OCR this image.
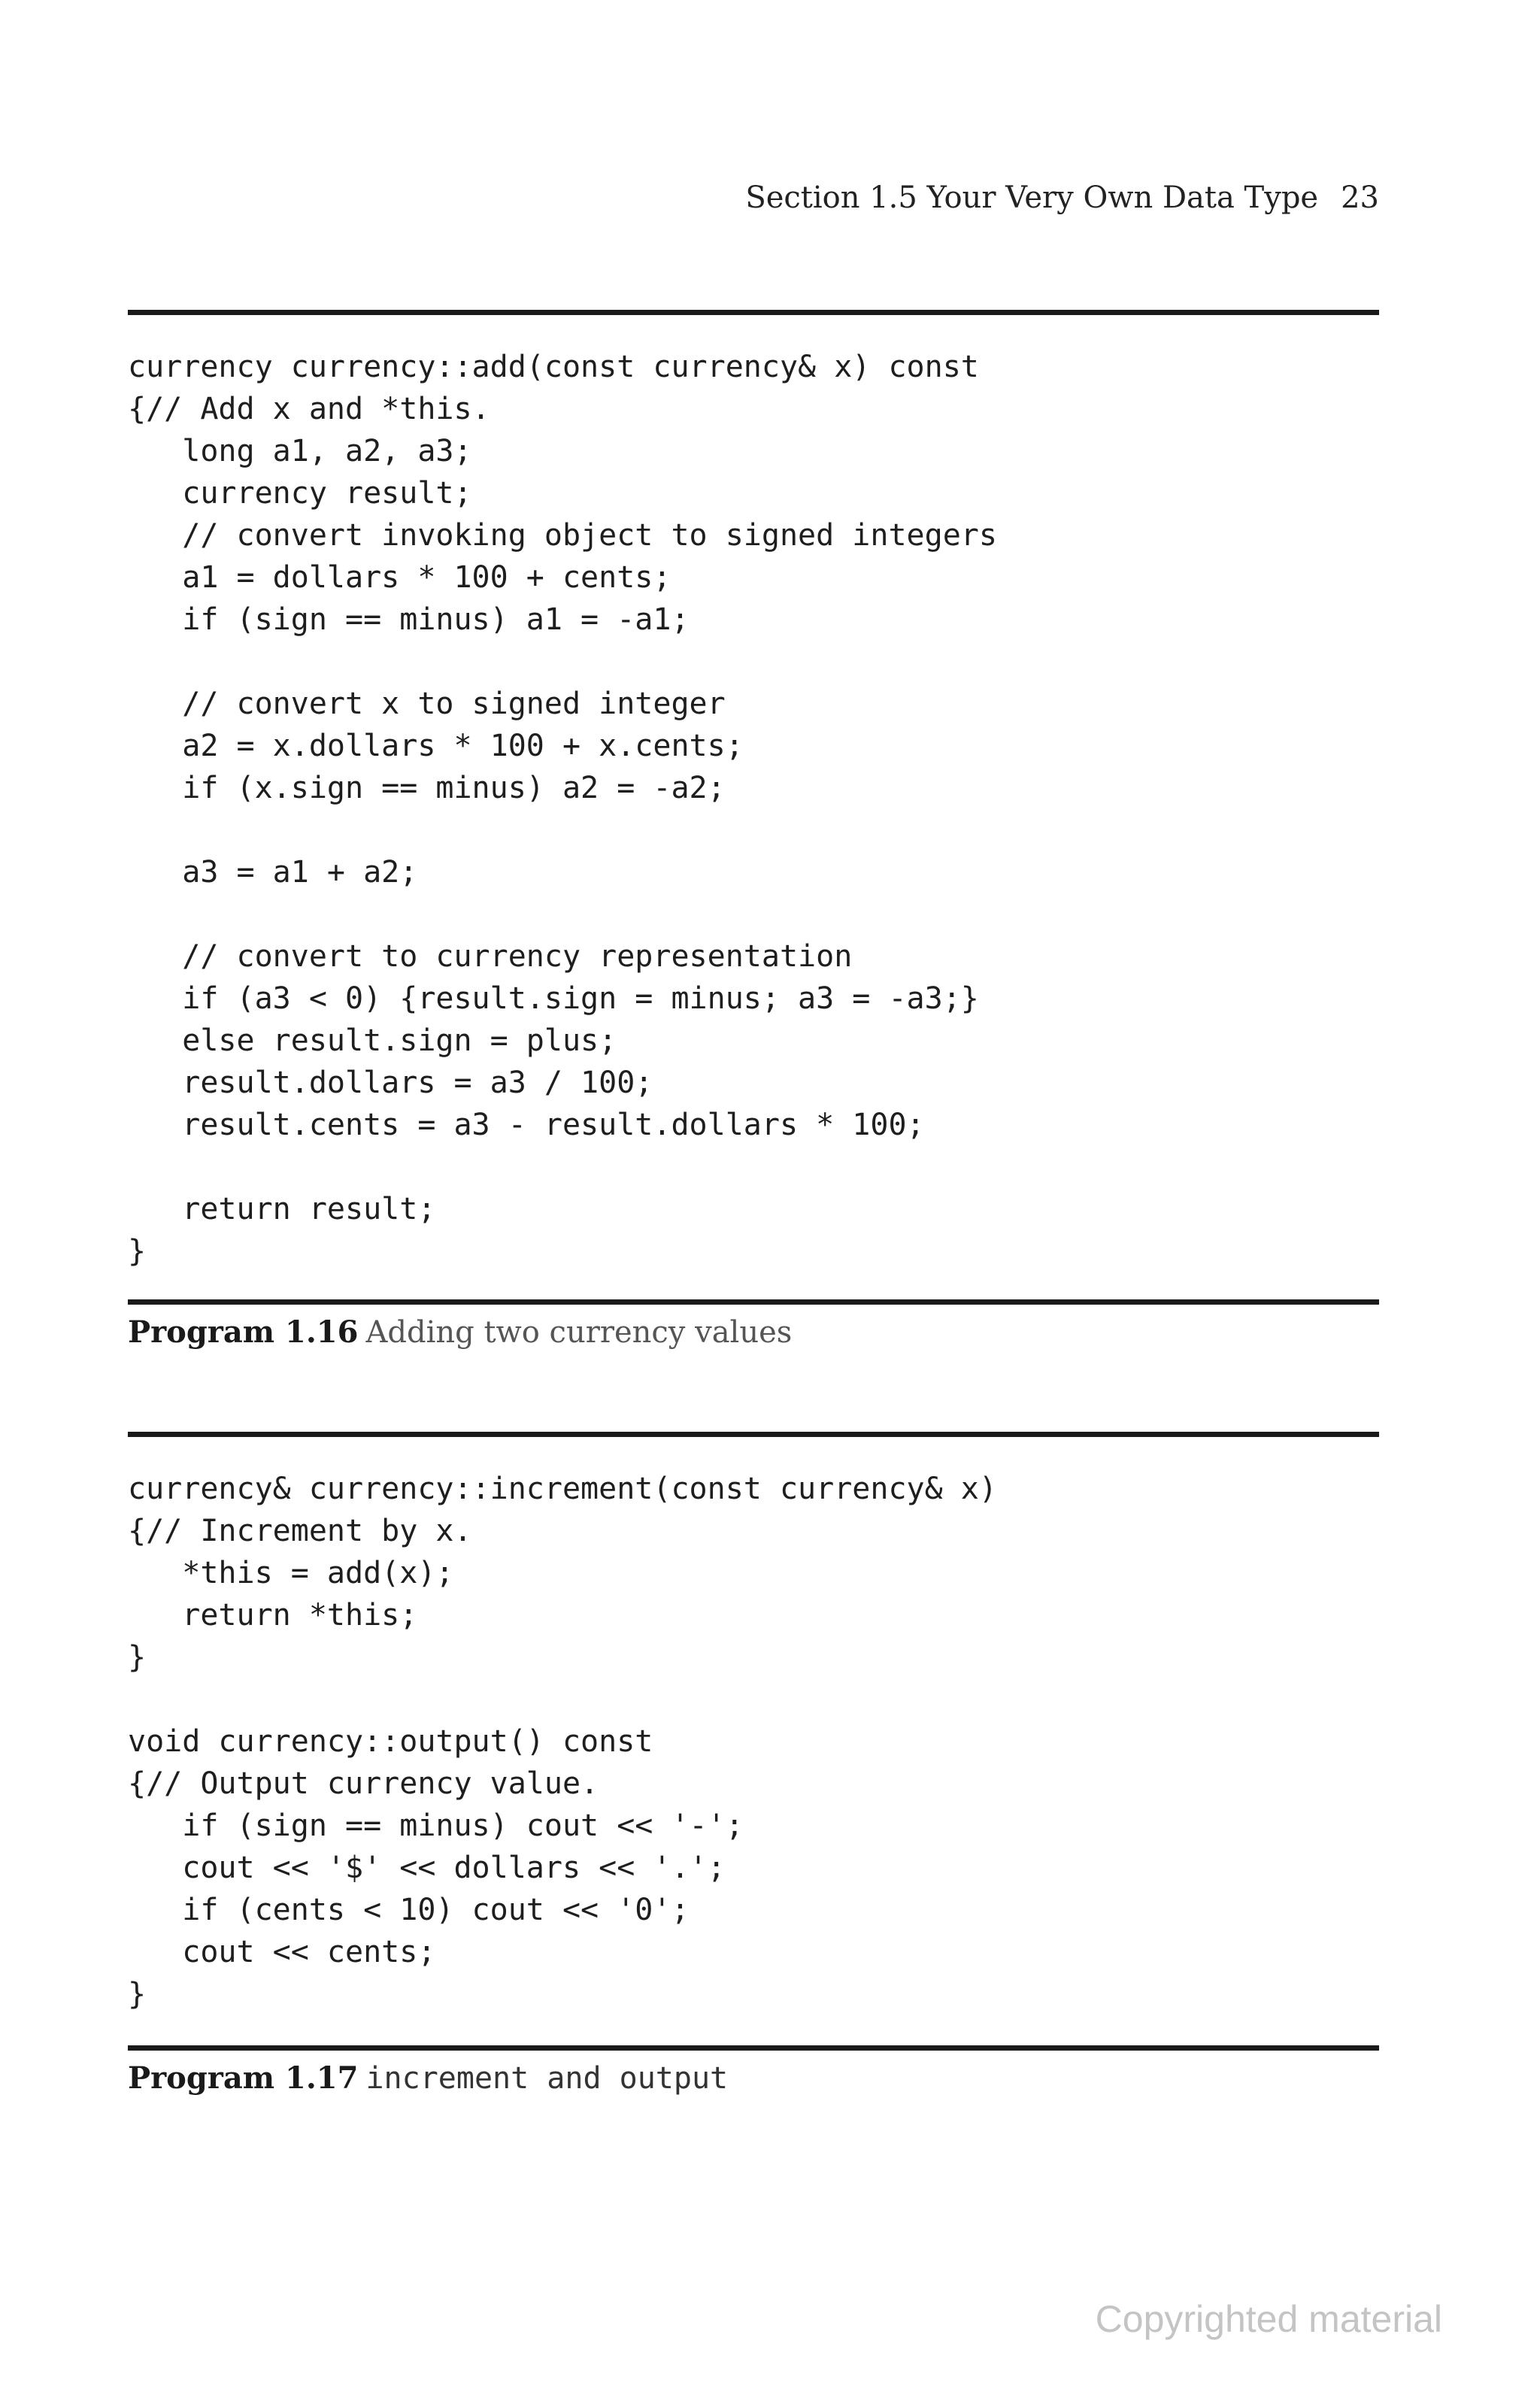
Section 1.5 Your Very Own Data Type 23
currency currency::add(const currency& x) const
{// Add x and *this.
long a1, a2, a3;
currency result;
// convert invoking object to signed integers
a1 = dollars * 100 + cents;
if (sign == minus) a1 = -a1;
// convert x to signed integer
a2 = x.dollars * 100 + x.cents;
if (x.sign == minus) a2 = -a2;
a3 = a1 + a2;
// convert to currency representation
if (a3 < 0) {result.sign = minus; a3 = -a3;}
else result.sign = plus;
result.dollars = a3 / 100;
result.cents = a3 - result.dollars * 100;
return result;
}
Program 1.16 Adding two currency values
currency& currency::increment(const currency& x)
{// Increment by x.
*this = add(x);
return *this;
}
void currency::output() const
{// Output currency value.
if (sign == minus) cout << '-';
cout << '$' << dollars << '.';
if (cents < 10) cout << '0';
cout << cents;
}
Program 1.17 increment and output
Copyrighted material
